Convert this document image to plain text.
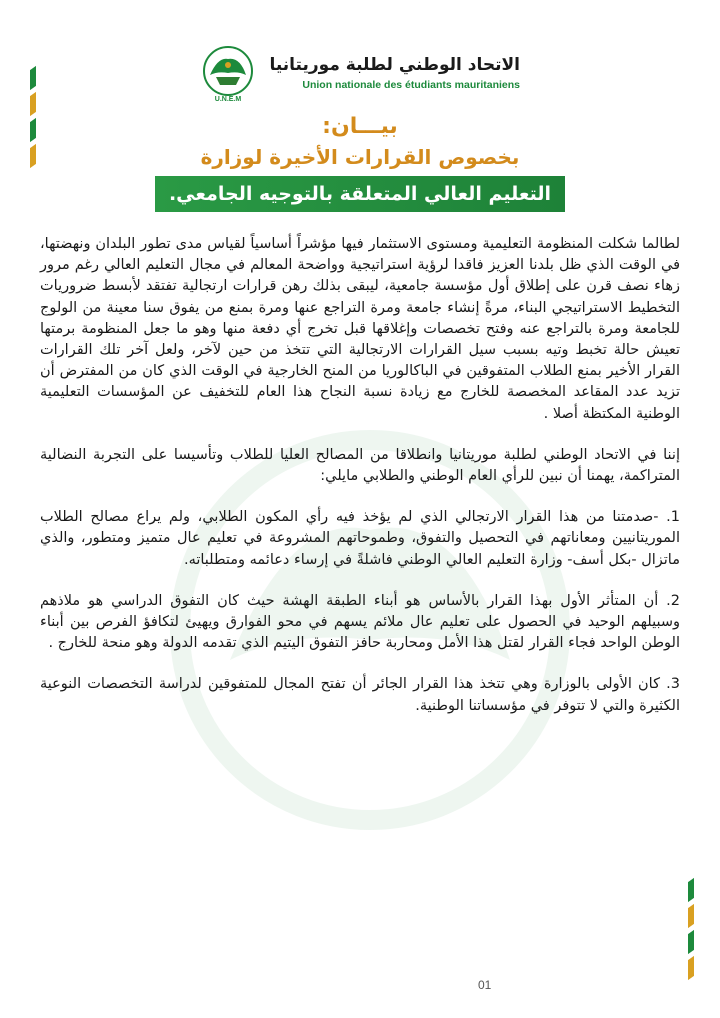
U.N.E.M
الاتحاد الوطني لطلبة موريتانيا
Union nationale des étudiants mauritaniens
بيـــان:
بخصوص القرارات الأخيرة لوزارة
التعليم العالي المتعلقة بالتوجيه الجامعي.

لطالما شكلت المنظومة التعليمية ومستوى الاستثمار فيها مؤشراً أساسياً لقياس مدى تطور البلدان ونهضتها، في الوقت الذي ظل بلدنا العزيز فاقدا لرؤية استراتيجية وواضحة المعالم في مجال التعليم العالي رغم مرور زهاء نصف قرن على إطلاق أول مؤسسة جامعية، ليبقى بذلك رهن قرارات ارتجالية تفتقد لأبسط ضروريات التخطيط الاستراتيجي البناء، مرةً إنشاء جامعة ومرة التراجع عنها ومرة بمنع من يفوق سنا معينة من الولوج للجامعة ومرة بالتراجع عنه وفتح تخصصات وإغلاقها قبل تخرج أي دفعة منها وهو ما جعل المنظومة برمتها تعيش حالة تخبط وتيه بسبب سيل القرارات الارتجالية التي تتخذ من حين لآخر، ولعل آخر تلك القرارات القرار الأخير بمنع الطلاب المتفوقين في الباكالوريا من المنح الخارجية في الوقت الذي كان من المفترض أن تزيد عدد المقاعد المخصصة للخارج مع زيادة نسبة النجاح هذا العام للتخفيف عن المؤسسات التعليمية الوطنية المكتظة أصلا .

إننا في الاتحاد الوطني لطلبة موريتانيا وانطلاقا من المصالح العليا للطلاب وتأسيسا على التجربة النضالية المتراكمة، يهمنا أن نبين للرأي العام الوطني والطلابي مايلي:

1. -صدمتنا من هذا القرار الارتجالي الذي لم يؤخذ فيه رأي المكون الطلابي، ولم يراع مصالح الطلاب الموريتانيين ومعاناتهم في التحصيل والتفوق، وطموحاتهم المشروعة في تعليم عال متميز ومتطور، والذي ماتزال -بكل أسف- وزارة التعليم العالي الوطني فاشلةً في إرساء دعائمه ومتطلباته.

2. أن المتأثر الأول بهذا القرار بالأساس هو أبناء الطبقة الهشة حيث كان التفوق الدراسي هو ملاذهم وسبيلهم الوحيد في الحصول على تعليم عال ملائم يسهم في محو الفوارق ويهيئ لتكافؤ الفرص بين أبناء الوطن الواحد فجاء القرار لقتل هذا الأمل ومحاربة حافز التفوق اليتيم الذي تقدمه الدولة وهو منحة للخارج .

3. كان الأولى بالوزارة وهي تتخذ هذا القرار الجائر أن تفتح المجال للمتفوقين لدراسة التخصصات النوعية الكثيرة والتي لا تتوفر في مؤسساتنا الوطنية.

01
